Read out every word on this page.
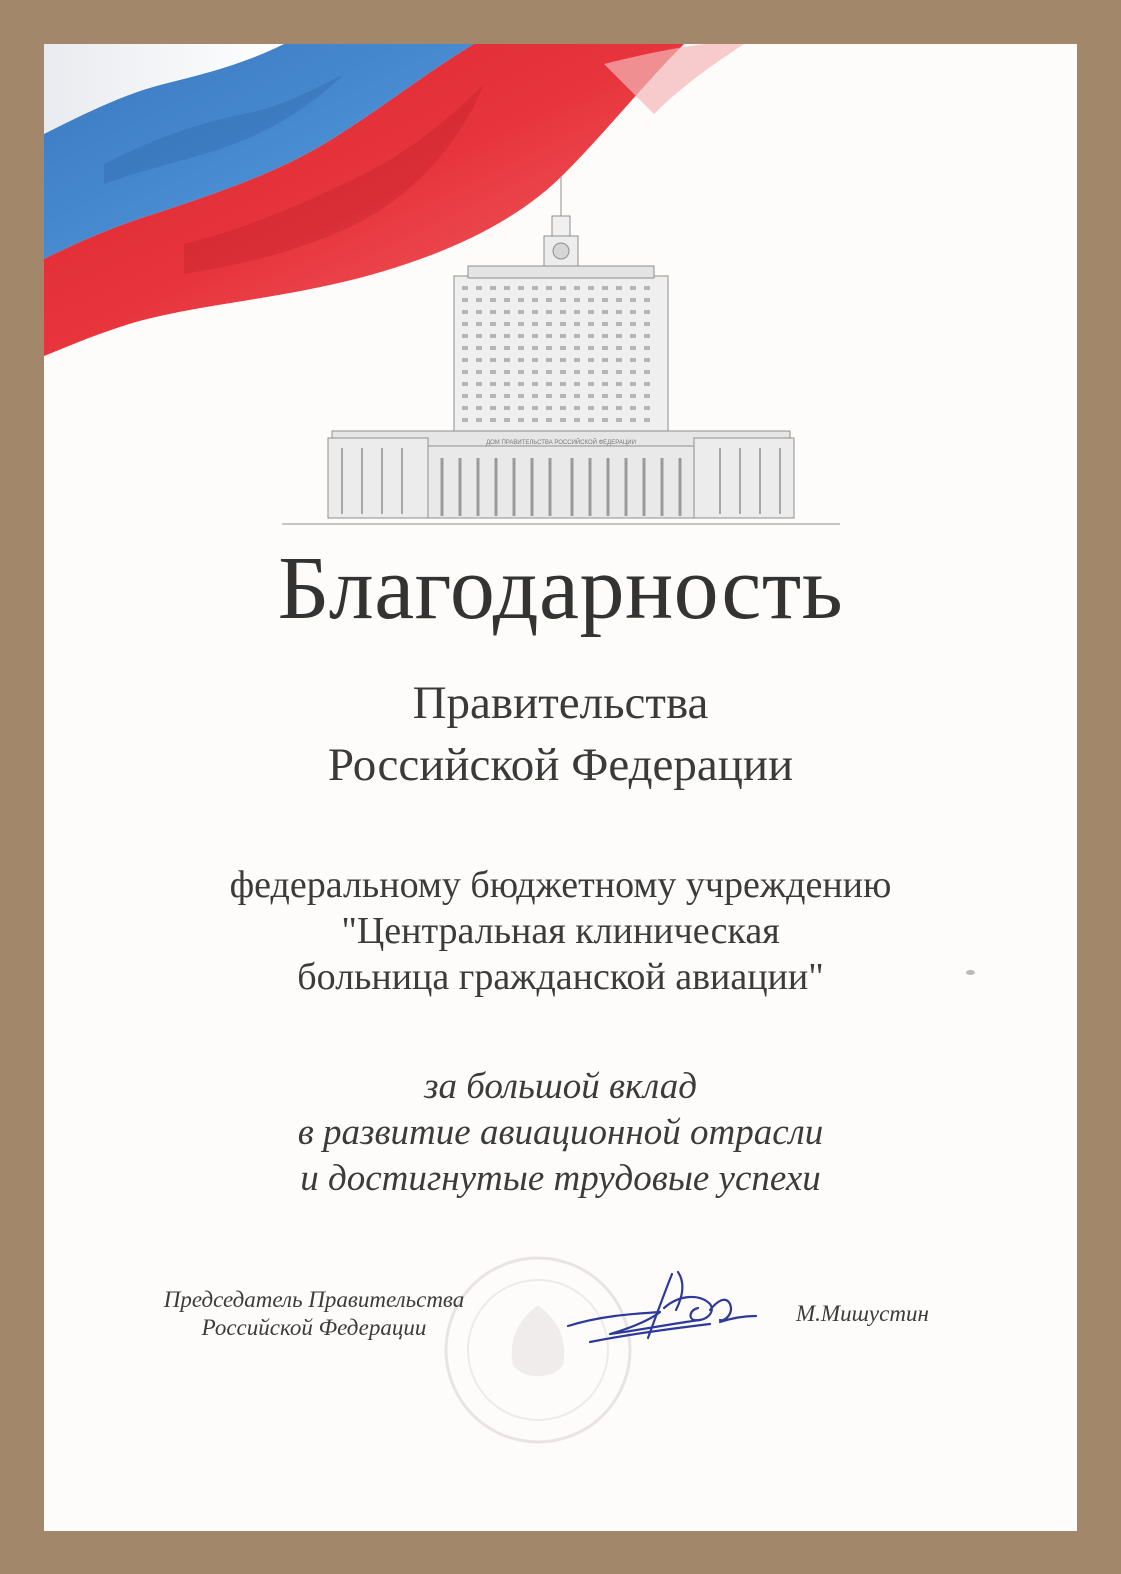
ДОМ ПРАВИТЕЛЬСТВА РОССИЙСКОЙ ФЕДЕРАЦИИ
Благодарность
Правительства
Российской Федерации
федеральному бюджетному учреждению
"Центральная клиническая
больница гражданской авиации"
за большой вклад
в развитие авиационной отрасли
и достигнутые трудовые успехи
Председатель Правительства
Российской Федерации
М.Мишустин
